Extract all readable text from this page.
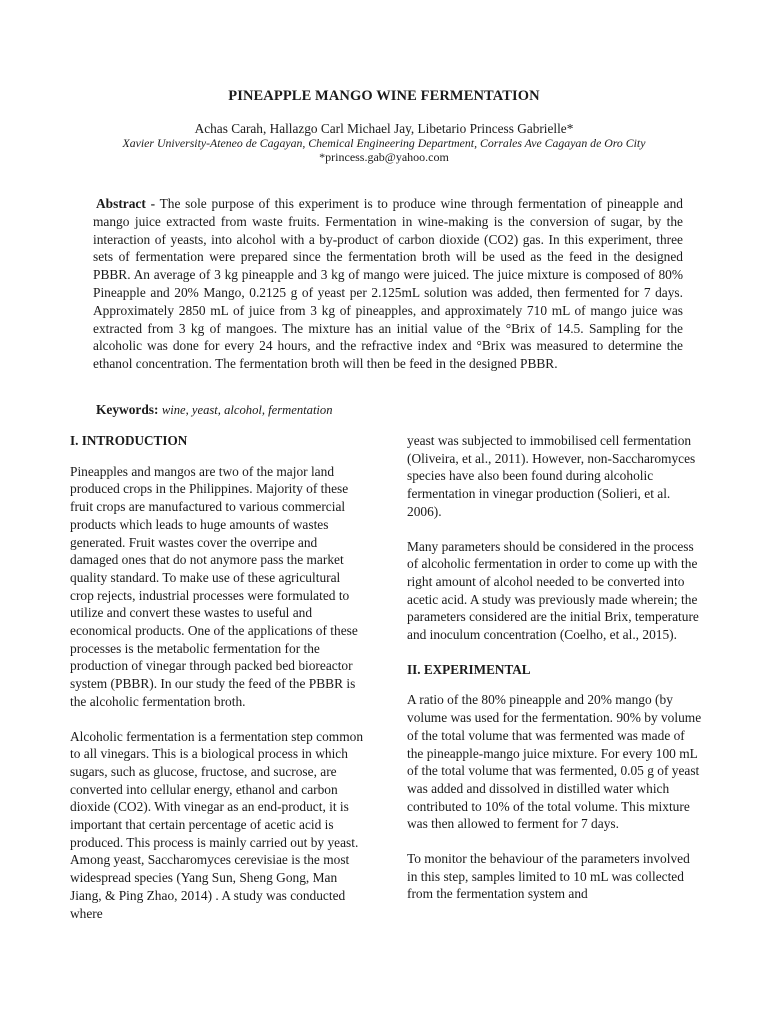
PINEAPPLE MANGO WINE FERMENTATION
Achas Carah, Hallazgo Carl Michael Jay, Libetario Princess Gabrielle*
Xavier University-Ateneo de Cagayan, Chemical Engineering Department, Corrales Ave Cagayan de Oro City
*princess.gab@yahoo.com
Abstract - The sole purpose of this experiment is to produce wine through fermentation of pineapple and mango juice extracted from waste fruits. Fermentation in wine-making is the conversion of sugar, by the interaction of yeasts, into alcohol with a by-product of carbon dioxide (CO2) gas. In this experiment, three sets of fermentation were prepared since the fermentation broth will be used as the feed in the designed PBBR. An average of 3 kg pineapple and 3 kg of mango were juiced. The juice mixture is composed of 80% Pineapple and 20% Mango, 0.2125 g of yeast per 2.125mL solution was added, then fermented for 7 days. Approximately 2850 mL of juice from 3 kg of pineapples, and approximately 710 mL of mango juice was extracted from 3 kg of mangoes. The mixture has an initial value of the °Brix of 14.5. Sampling for the alcoholic was done for every 24 hours, and the refractive index and °Brix was measured to determine the ethanol concentration. The fermentation broth will then be feed in the designed PBBR.
Keywords: wine, yeast, alcohol, fermentation
I. INTRODUCTION
Pineapples and mangos are two of the major land produced crops in the Philippines. Majority of these fruit crops are manufactured to various commercial products which leads to huge amounts of wastes generated. Fruit wastes cover the overripe and damaged ones that do not anymore pass the market quality standard. To make use of these agricultural crop rejects, industrial processes were formulated to utilize and convert these wastes to useful and economical products. One of the applications of these processes is the metabolic fermentation for the production of vinegar through packed bed bioreactor system (PBBR). In our study the feed of the PBBR is the alcoholic fermentation broth.
Alcoholic fermentation is a fermentation step common to all vinegars. This is a biological process in which sugars, such as glucose, fructose, and sucrose, are converted into cellular energy, ethanol and carbon dioxide (CO2). With vinegar as an end-product, it is important that certain percentage of acetic acid is produced. This process is mainly carried out by yeast. Among yeast, Saccharomyces cerevisiae is the most widespread species (Yang Sun, Sheng Gong, Man Jiang, & Ping Zhao, 2014) . A study was conducted where
yeast was subjected to immobilised cell fermentation (Oliveira, et al., 2011). However, non-Saccharomyces species have also been found during alcoholic fermentation in vinegar production (Solieri, et al. 2006).
Many parameters should be considered in the process of alcoholic fermentation in order to come up with the right amount of alcohol needed to be converted into acetic acid. A study was previously made wherein; the parameters considered are the initial Brix, temperature and inoculum concentration (Coelho, et al., 2015).
II. EXPERIMENTAL
A ratio of the 80% pineapple and 20% mango (by volume was used for the fermentation. 90% by volume of the total volume that was fermented was made of the pineapple-mango juice mixture. For every 100 mL of the total volume that was fermented, 0.05 g of yeast was added and dissolved in distilled water which contributed to 10% of the total volume. This mixture was then allowed to ferment for 7 days.
To monitor the behaviour of the parameters involved in this step, samples limited to 10 mL was collected from the fermentation system and
